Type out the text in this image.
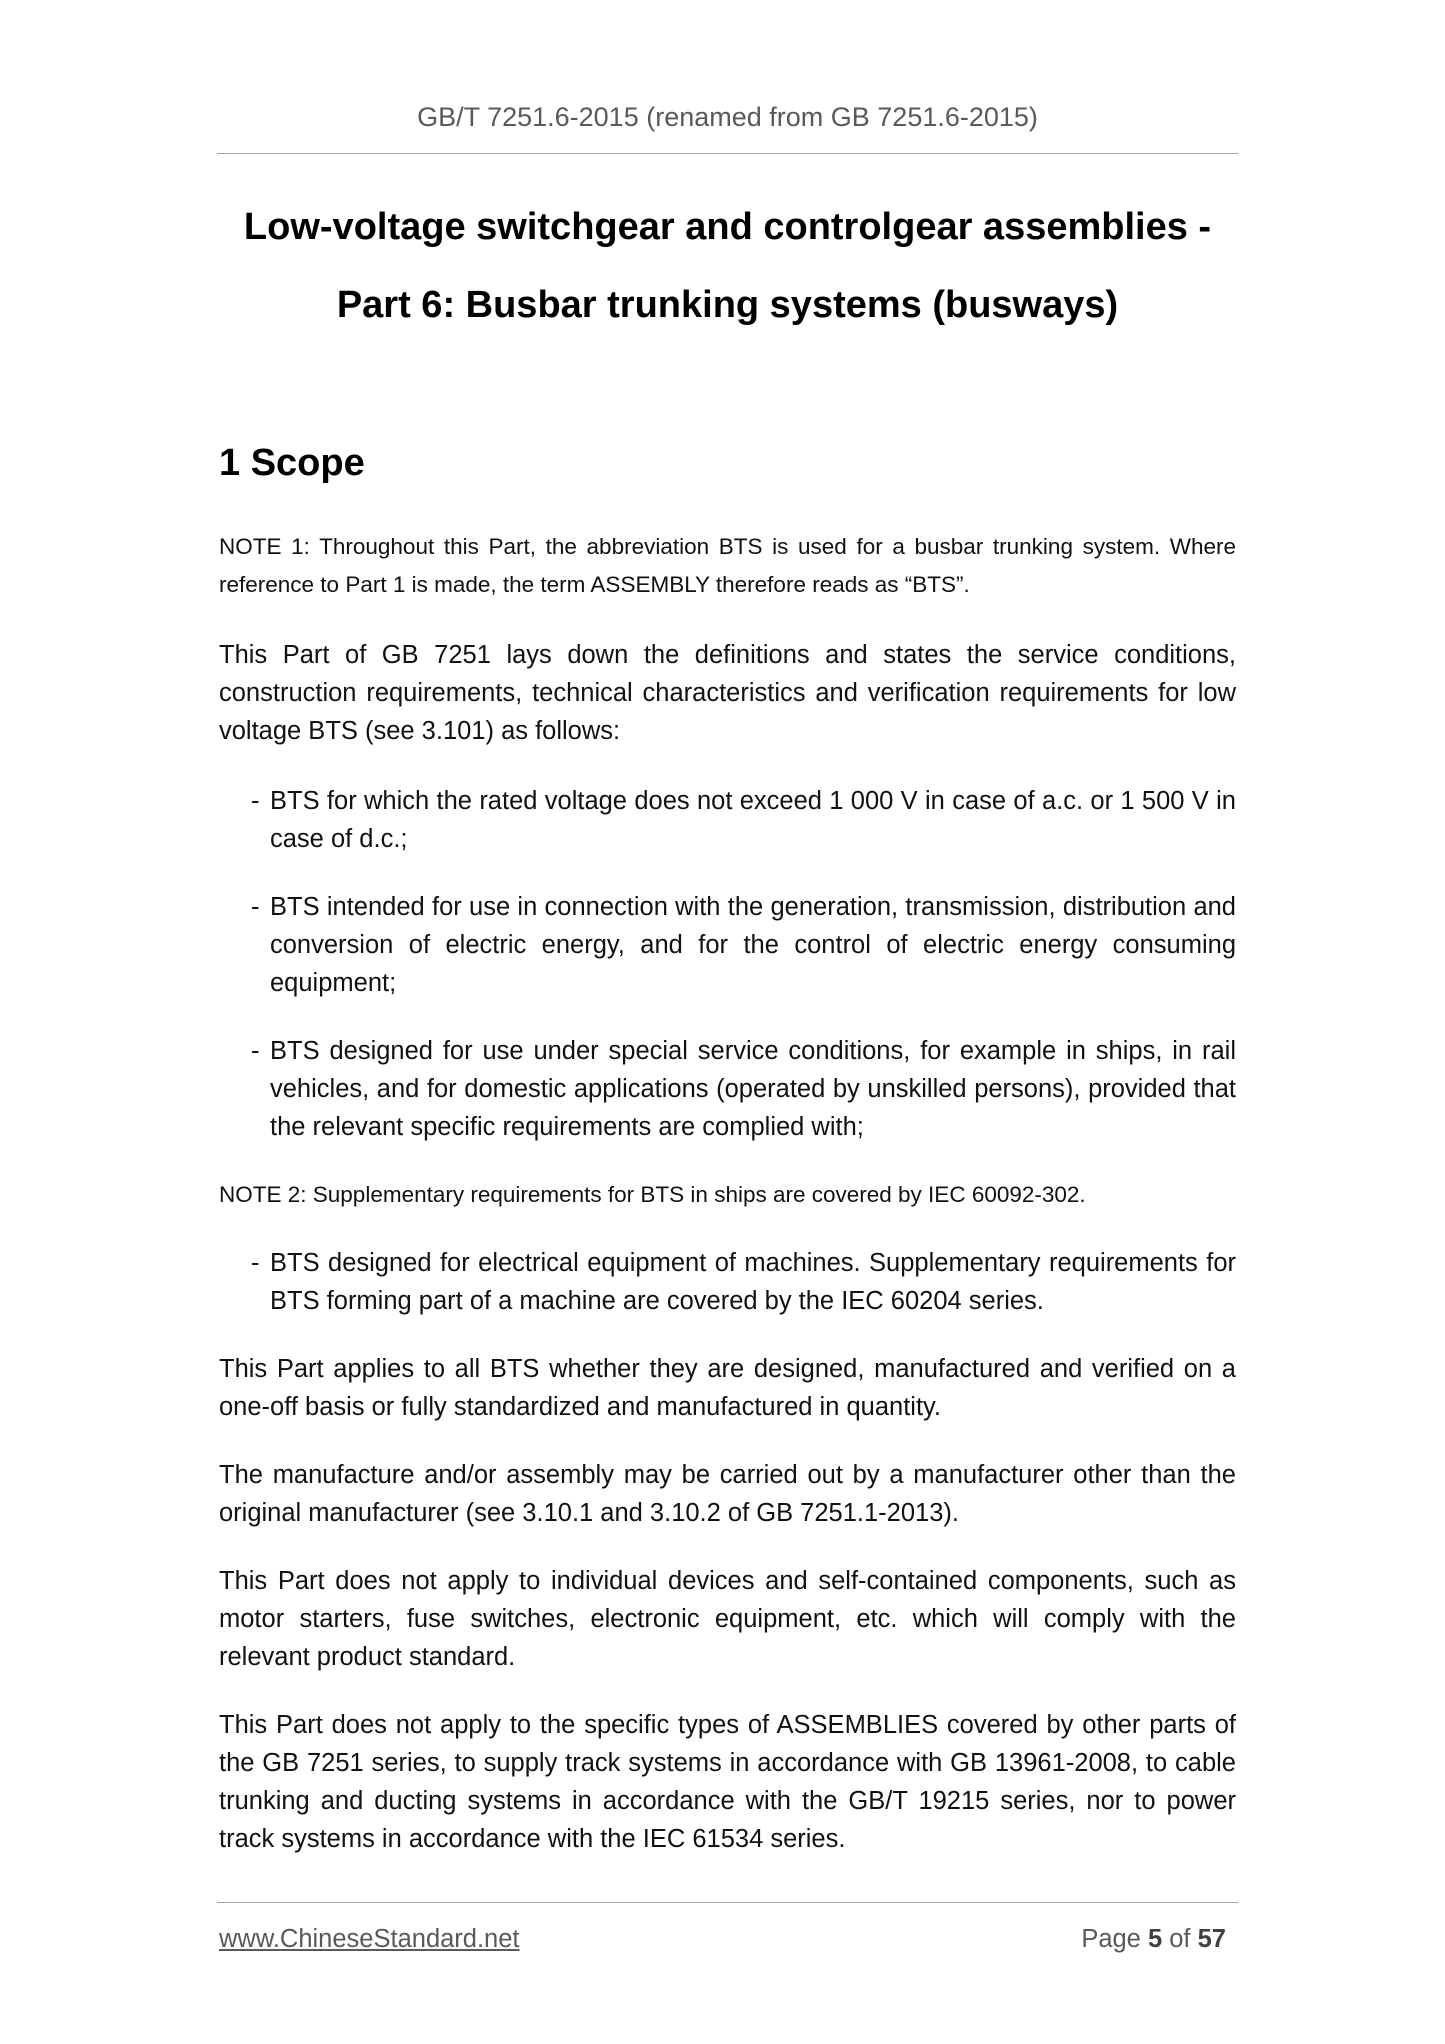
GB/T 7251.6-2015 (renamed from GB 7251.6-2015)
Low-voltage switchgear and controlgear assemblies -
Part 6: Busbar trunking systems (busways)
1 Scope
NOTE 1: Throughout this Part, the abbreviation BTS is used for a busbar trunking system. Where reference to Part 1 is made, the term ASSEMBLY therefore reads as “BTS”.
This Part of GB 7251 lays down the definitions and states the service conditions, construction requirements, technical characteristics and verification requirements for low voltage BTS (see 3.101) as follows:
- BTS for which the rated voltage does not exceed 1 000 V in case of a.c. or 1 500 V in case of d.c.;
- BTS intended for use in connection with the generation, transmission, distribution and conversion of electric energy, and for the control of electric energy consuming equipment;
- BTS designed for use under special service conditions, for example in ships, in rail vehicles, and for domestic applications (operated by unskilled persons), provided that the relevant specific requirements are complied with;
NOTE 2: Supplementary requirements for BTS in ships are covered by IEC 60092-302.
- BTS designed for electrical equipment of machines. Supplementary requirements for BTS forming part of a machine are covered by the IEC 60204 series.
This Part applies to all BTS whether they are designed, manufactured and verified on a one-off basis or fully standardized and manufactured in quantity.
The manufacture and/or assembly may be carried out by a manufacturer other than the original manufacturer (see 3.10.1 and 3.10.2 of GB 7251.1-2013).
This Part does not apply to individual devices and self-contained components, such as motor starters, fuse switches, electronic equipment, etc. which will comply with the relevant product standard.
This Part does not apply to the specific types of ASSEMBLIES covered by other parts of the GB 7251 series, to supply track systems in accordance with GB 13961-2008, to cable trunking and ducting systems in accordance with the GB/T 19215 series, nor to power track systems in accordance with the IEC 61534 series.
www.ChineseStandard.net	Page 5 of 57
